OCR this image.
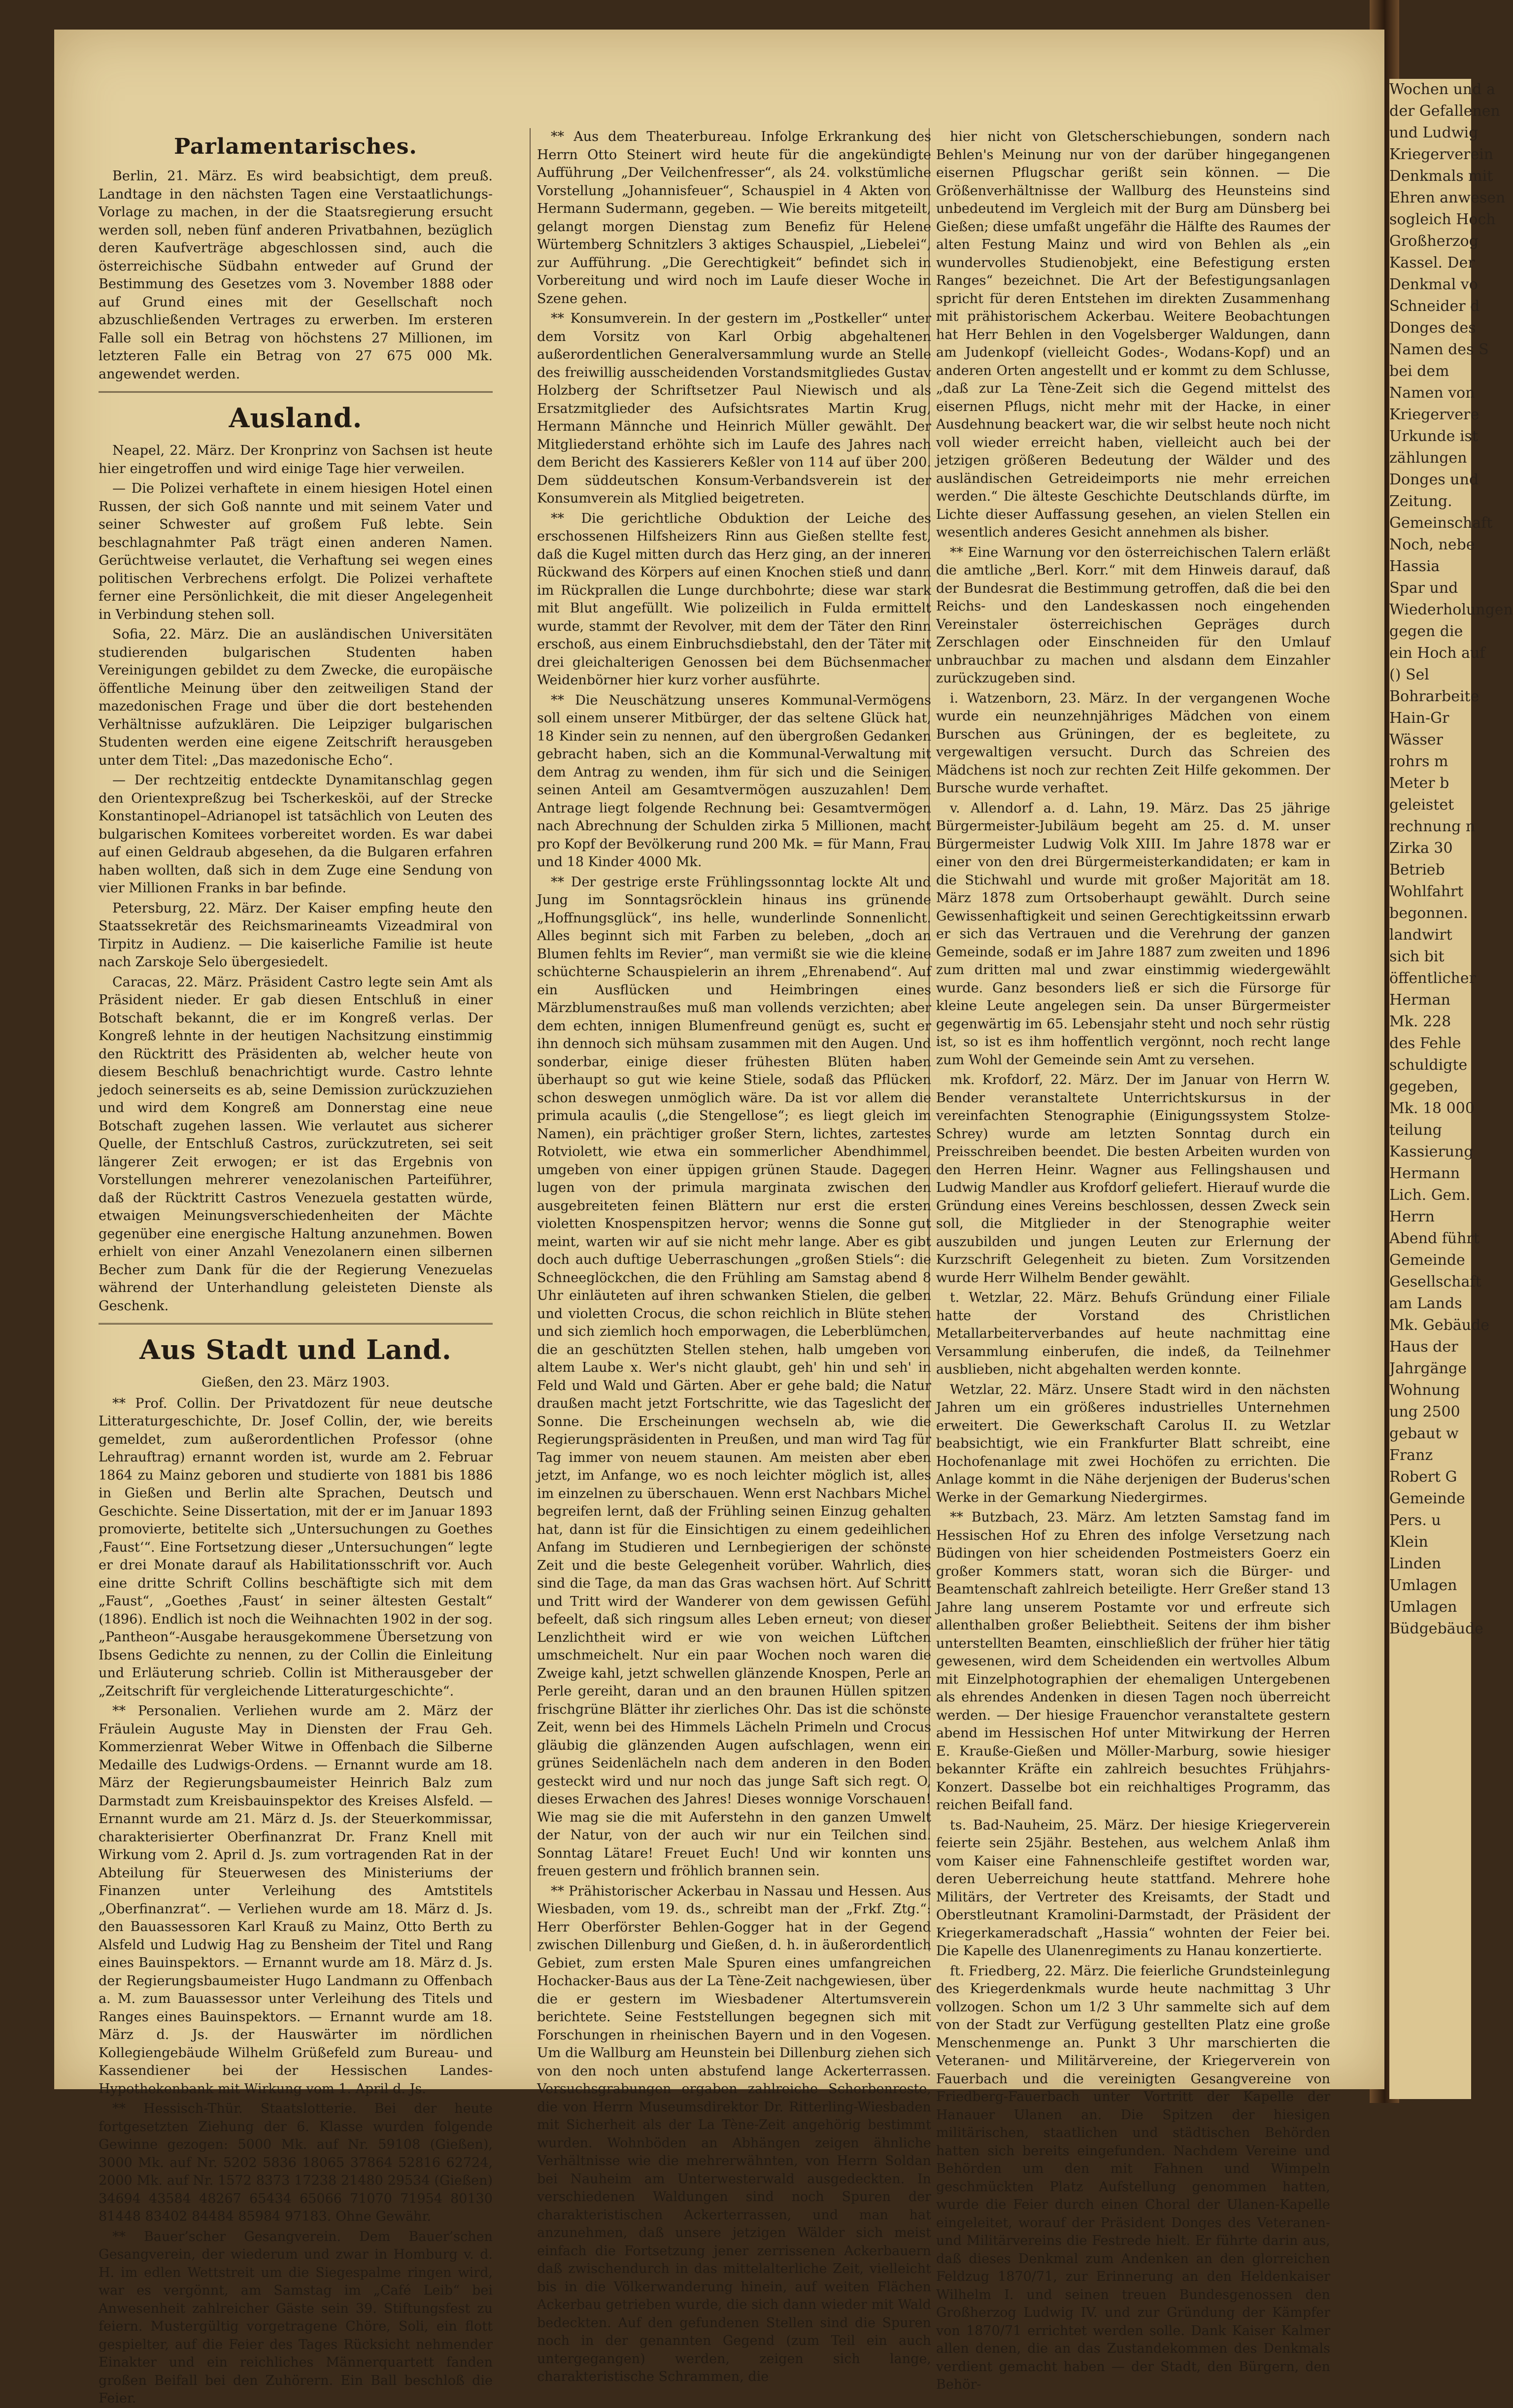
Parlamentarisches.

Berlin, 21. März. Es wird beabsichtigt, dem preuß. Landtage in den nächsten Tagen eine Verstaatlichungs-Vorlage zu machen, in der die Staatsregierung ersucht werden soll, neben fünf anderen Privatbahnen, bezüglich deren Kaufverträge abgeschlossen sind, auch die österreichische Südbahn entweder auf Grund der Bestimmung des Gesetzes vom 3. November 1888 oder auf Grund eines mit der Gesellschaft noch abzuschließenden Vertrages zu erwerben. Im ersteren Falle soll ein Betrag von höchstens 27 Millionen, im letzteren Falle ein Betrag von 27 675 000 Mk. angewendet werden.

Ausland.

Neapel, 22. März. Der Kronprinz von Sachsen ist heute hier eingetroffen und wird einige Tage hier verweilen.

— Die Polizei verhaftete in einem hiesigen Hotel einen Russen, der sich Goß nannte und mit seinem Vater und seiner Schwester auf großem Fuß lebte. Sein beschlagnahmter Paß trägt einen anderen Namen. Gerüchtweise verlautet, die Verhaftung sei wegen eines politischen Verbrechens erfolgt. Die Polizei verhaftete ferner eine Persönlichkeit, die mit dieser Angelegenheit in Verbindung stehen soll.

Sofia, 22. März. Die an ausländischen Universitäten studierenden bulgarischen Studenten haben Vereinigungen gebildet zu dem Zwecke, die europäische öffentliche Meinung über den zeitweiligen Stand der mazedonischen Frage und über die dort bestehenden Verhältnisse aufzuklären. Die Leipziger bulgarischen Studenten werden eine eigene Zeitschrift herausgeben unter dem Titel: „Das mazedonische Echo“.

— Der rechtzeitig entdeckte Dynamitanschlag gegen den Orientexpreßzug bei Tscherkesköi, auf der Strecke Konstantinopel–Adrianopel ist tatsächlich von Leuten des bulgarischen Komitees vorbereitet worden. Es war dabei auf einen Geldraub abgesehen, da die Bulgaren erfahren haben wollten, daß sich in dem Zuge eine Sendung von vier Millionen Franks in bar befinde.

Petersburg, 22. März. Der Kaiser empfing heute den Staatssekretär des Reichsmarineamts Vizeadmiral von Tirpitz in Audienz. — Die kaiserliche Familie ist heute nach Zarskoje Selo übergesiedelt.

Caracas, 22. März. Präsident Castro legte sein Amt als Präsident nieder. Er gab diesen Entschluß in einer Botschaft bekannt, die er im Kongreß verlas. Der Kongreß lehnte in der heutigen Nachsitzung einstimmig den Rücktritt des Präsidenten ab, welcher heute von diesem Beschluß benachrichtigt wurde. Castro lehnte jedoch seinerseits es ab, seine Demission zurückzuziehen und wird dem Kongreß am Donnerstag eine neue Botschaft zugehen lassen. Wie verlautet aus sicherer Quelle, der Entschluß Castros, zurückzutreten, sei seit längerer Zeit erwogen; er ist das Ergebnis von Vorstellungen mehrerer venezolanischen Parteiführer, daß der Rücktritt Castros Venezuela gestatten würde, etwaigen Meinungsverschiedenheiten der Mächte gegenüber eine energische Haltung anzunehmen. Bowen erhielt von einer Anzahl Venezolanern einen silbernen Becher zum Dank für die der Regierung Venezuelas während der Unterhandlung geleisteten Dienste als Geschenk.

Aus Stadt und Land.

Gießen, den 23. März 1903.

** Prof. Collin. Der Privatdozent für neue deutsche Litteraturgeschichte, Dr. Josef Collin, der, wie bereits gemeldet, zum außerordentlichen Professor (ohne Lehrauftrag) ernannt worden ist, wurde am 2. Februar 1864 zu Mainz geboren und studierte von 1881 bis 1886 in Gießen und Berlin alte Sprachen, Deutsch und Geschichte. Seine Dissertation, mit der er im Januar 1893 promovierte, betitelte sich „Untersuchungen zu Goethes ‚Faust‘“. Eine Fortsetzung dieser „Untersuchungen“ legte er drei Monate darauf als Habilitationsschrift vor. Auch eine dritte Schrift Collins beschäftigte sich mit dem „Faust“, „Goethes ‚Faust‘ in seiner ältesten Gestalt“ (1896). Endlich ist noch die Weihnachten 1902 in der sog. „Pantheon“-Ausgabe herausgekommene Übersetzung von Ibsens Gedichte zu nennen, zu der Collin die Einleitung und Erläuterung schrieb. Collin ist Mitherausgeber der „Zeitschrift für vergleichende Litteraturgeschichte“.

** Personalien. Verliehen wurde am 2. März der Fräulein Auguste May in Diensten der Frau Geh. Kommerzienrat Weber Witwe in Offenbach die Silberne Medaille des Ludwigs-Ordens. — Ernannt wurde am 18. März der Regierungsbaumeister Heinrich Balz zum Darmstadt zum Kreisbauinspektor des Kreises Alsfeld. — Ernannt wurde am 21. März d. Js. der Steuerkommissar, charakterisierter Oberfinanzrat Dr. Franz Knell mit Wirkung vom 2. April d. Js. zum vortragenden Rat in der Abteilung für Steuerwesen des Ministeriums der Finanzen unter Verleihung des Amtstitels „Oberfinanzrat“. — Verliehen wurde am 18. März d. Js. den Bauassessoren Karl Krauß zu Mainz, Otto Berth zu Alsfeld und Ludwig Hag zu Bensheim der Titel und Rang eines Bauinspektors. — Ernannt wurde am 18. März d. Js. der Regierungsbaumeister Hugo Landmann zu Offenbach a. M. zum Bauassessor unter Verleihung des Titels und Ranges eines Bauinspektors. — Ernannt wurde am 18. März d. Js. der Hauswärter im nördlichen Kollegiengebäude Wilhelm Grüßefeld zum Bureau- und Kassendiener bei der Hessischen Landes-Hypothekenbank mit Wirkung vom 1. April d. Js.

** Hessisch-Thür. Staatslotterie. Bei der heute fortgesetzten Ziehung der 6. Klasse wurden folgende Gewinne gezogen: 5000 Mk. auf Nr. 59108 (Gießen), 3000 Mk. auf Nr. 5202 5836 18065 37864 52816 62724, 2000 Mk. auf Nr. 1572 8373 17238 21480 29534 (Gießen) 34694 43584 48267 65434 65066 71070 71954 80130 81448 83402 84484 85984 97183. Ohne Gewähr.

** Bauer’scher Gesangverein. Dem Bauer’schen Gesangverein, der wiederum und zwar in Homburg v. d. H. im edlen Wettstreit um die Siegespalme ringen wird, war es vergönnt, am Samstag im „Café Leib“ bei Anwesenheit zahlreicher Gäste sein 39. Stiftungsfest zu feiern. Mustergültig vorgetragene Chöre, Soli, ein flott gespielter, auf die Feier des Tages Rücksicht nehmender Einakter und ein reichliches Männerquartett fanden großen Beifall bei den Zuhörern. Ein Ball beschloß die Feier.

** Aus dem Theaterbureau. Infolge Erkrankung des Herrn Otto Steinert wird heute für die angekündigte Aufführung „Der Veilchenfresser“, als 24. volkstümliche Vorstellung „Johannisfeuer“, Schauspiel in 4 Akten von Hermann Sudermann, gegeben. — Wie bereits mitgeteilt, gelangt morgen Dienstag zum Benefiz für Helene Würtemberg Schnitzlers 3 aktiges Schauspiel, „Liebelei“, zur Aufführung. „Die Gerechtigkeit“ befindet sich in Vorbereitung und wird noch im Laufe dieser Woche in Szene gehen.

** Konsumverein. In der gestern im „Postkeller“ unter dem Vorsitz von Karl Orbig abgehaltenen außerordentlichen Generalversammlung wurde an Stelle des freiwillig ausscheidenden Vorstandsmitgliedes Gustav Holzberg der Schriftsetzer Paul Niewisch und als Ersatzmitglieder des Aufsichtsrates Martin Krug, Hermann Männche und Heinrich Müller gewählt. Der Mitgliederstand erhöhte sich im Laufe des Jahres nach dem Bericht des Kassierers Keßler von 114 auf über 200. Dem süddeutschen Konsum-Verbandsverein ist der Konsumverein als Mitglied beigetreten.

** Die gerichtliche Obduktion der Leiche des erschossenen Hilfsheizers Rinn aus Gießen stellte fest, daß die Kugel mitten durch das Herz ging, an der inneren Rückwand des Körpers auf einen Knochen stieß und dann im Rückprallen die Lunge durchbohrte; diese war stark mit Blut angefüllt. Wie polizeilich in Fulda ermittelt wurde, stammt der Revolver, mit dem der Täter den Rinn erschoß, aus einem Einbruchsdiebstahl, den der Täter mit drei gleichalterigen Genossen bei dem Büchsenmacher Weidenbörner hier kurz vorher ausführte.

** Die Neuschätzung unseres Kommunal-Vermögens soll einem unserer Mitbürger, der das seltene Glück hat, 18 Kinder sein zu nennen, auf den übergroßen Gedanken gebracht haben, sich an die Kommunal-Verwaltung mit dem Antrag zu wenden, ihm für sich und die Seinigen seinen Anteil am Gesamtvermögen auszuzahlen! Dem Antrage liegt folgende Rechnung bei: Gesamtvermögen nach Abrechnung der Schulden zirka 5 Millionen, macht pro Kopf der Bevölkerung rund 200 Mk. = für Mann, Frau und 18 Kinder 4000 Mk.

** Der gestrige erste Frühlingssonntag lockte Alt und Jung im Sonntagsröcklein hinaus ins grünende „Hoffnungsglück“, ins helle, wunderlinde Sonnenlicht. Alles beginnt sich mit Farben zu beleben, „doch an Blumen fehlts im Revier“, man vermißt sie wie die kleine schüchterne Schauspielerin an ihrem „Ehrenabend“. Auf ein Ausflücken und Heimbringen eines Märzblumenstraußes muß man vollends verzichten; aber dem echten, innigen Blumenfreund genügt es, sucht er ihn dennoch sich mühsam zusammen mit den Augen. Und sonderbar, einige dieser frühesten Blüten haben überhaupt so gut wie keine Stiele, sodaß das Pflücken schon deswegen unmöglich wäre. Da ist vor allem die primula acaulis („die Stengellose“; es liegt gleich im Namen), ein prächtiger großer Stern, lichtes, zartestes Rotviolett, wie etwa ein sommerlicher Abendhimmel, umgeben von einer üppigen grünen Staude. Dagegen lugen von der primula marginata zwischen den ausgebreiteten feinen Blättern nur erst die ersten violetten Knospenspitzen hervor; wenns die Sonne gut meint, warten wir auf sie nicht mehr lange. Aber es gibt doch auch duftige Ueberraschungen „großen Stiels“: die Schneeglöckchen, die den Frühling am Samstag abend 8 Uhr einläuteten auf ihren schwanken Stielen, die gelben und violetten Crocus, die schon reichlich in Blüte stehen und sich ziemlich hoch emporwagen, die Leberblümchen, die an geschützten Stellen stehen, halb umgeben von altem Laube x. Wer's nicht glaubt, geh' hin und seh' in Feld und Wald und Gärten. Aber er gehe bald; die Natur draußen macht jetzt Fortschritte, wie das Tageslicht der Sonne. Die Erscheinungen wechseln ab, wie die Regierungspräsidenten in Preußen, und man wird Tag für Tag immer von neuem staunen. Am meisten aber eben jetzt, im Anfange, wo es noch leichter möglich ist, alles im einzelnen zu überschauen. Wenn erst Nachbars Michel begreifen lernt, daß der Frühling seinen Einzug gehalten hat, dann ist für die Einsichtigen zu einem gedeihlichen Anfang im Studieren und Lernbegierigen der schönste Zeit und die beste Gelegenheit vorüber. Wahrlich, dies sind die Tage, da man das Gras wachsen hört. Auf Schritt und Tritt wird der Wanderer von dem gewissen Gefühl befeelt, daß sich ringsum alles Leben erneut; von dieser Lenzlichtheit wird er wie von weichen Lüftchen umschmeichelt. Nur ein paar Wochen noch waren die Zweige kahl, jetzt schwellen glänzende Knospen, Perle an Perle gereiht, daran und an den braunen Hüllen spitzen frischgrüne Blätter ihr zierliches Ohr. Das ist die schönste Zeit, wenn bei des Himmels Lächeln Primeln und Crocus gläubig die glänzenden Augen aufschlagen, wenn ein grünes Seidenlächeln nach dem anderen in den Boden gesteckt wird und nur noch das junge Saft sich regt. O, dieses Erwachen des Jahres! Dieses wonnige Vorschauen! Wie mag sie die mit Auferstehn in den ganzen Umwelt der Natur, von der auch wir nur ein Teilchen sind. Sonntag Lätare! Freuet Euch! Und wir konnten uns freuen gestern und fröhlich brannen sein.

** Prähistorischer Ackerbau in Nassau und Hessen. Aus Wiesbaden, vom 19. ds., schreibt man der „Frkf. Ztg.“: Herr Oberförster Behlen-Gogger hat in der Gegend zwischen Dillenburg und Gießen, d. h. in äußerordentlich Gebiet, zum ersten Male Spuren eines umfangreichen Hochacker-Baus aus der La Tène-Zeit nachgewiesen, über die er gestern im Wiesbadener Altertumsverein berichtete. Seine Feststellungen begegnen sich mit Forschungen in rheinischen Bayern und in den Vogesen. Um die Wallburg am Heunstein bei Dillenburg ziehen sich von den noch unten abstufend lange Ackerterrassen. Versuchsgrabungen ergaben zahlreiche Scherbenreste, die von Herrn Museumsdirektor Dr. Ritterling-Wiesbaden mit Sicherheit als der La Tène-Zeit angehörig bestimmt wurden. Wohnböden an Abhängen zeigen ähnliche Verhältnisse wie die mehrerwähnten, von Herrn Soldan bei Nauheim am Unterwesterwald ausgedeckten. In verschiedenen Waldungen sind noch Spuren der charakteristischen Ackerterrassen, und man hat anzunehmen, daß unsere jetzigen Wälder sich meist einfach die Fortsetzung jener zerrissenen Ackerbauern daß zwischendurch in das mittelalterliche Zeit, vielleicht bis in die Völkerwanderung hinein, auf weiten Flächen Ackerbau getrieben wurde, die sich dann wieder mit Wald bedeckten. Auf den gefundenen Stellen sind die Spuren noch in der genannten Gegend (zum Teil ein auch untergegangen) werden, zeigen sich lange, charakteristische Schrammen, die

hier nicht von Gletscherschiebungen, sondern nach Behlen's Meinung nur von der darüber hingegangenen eisernen Pflugschar gerißt sein können. — Die Größenverhältnisse der Wallburg des Heunsteins sind unbedeutend im Vergleich mit der Burg am Dünsberg bei Gießen; diese umfaßt ungefähr die Hälfte des Raumes der alten Festung Mainz und wird von Behlen als „ein wundervolles Studienobjekt, eine Befestigung ersten Ranges“ bezeichnet. Die Art der Befestigungsanlagen spricht für deren Entstehen im direkten Zusammenhang mit prähistorischem Ackerbau. Weitere Beobachtungen hat Herr Behlen in den Vogelsberger Waldungen, dann am Judenkopf (vielleicht Godes-, Wodans-Kopf) und an anderen Orten angestellt und er kommt zu dem Schlusse, „daß zur La Tène-Zeit sich die Gegend mittelst des eisernen Pflugs, nicht mehr mit der Hacke, in einer Ausdehnung beackert war, die wir selbst heute noch nicht voll wieder erreicht haben, vielleicht auch bei der jetzigen größeren Bedeutung der Wälder und des ausländischen Getreideimports nie mehr erreichen werden.“ Die älteste Geschichte Deutschlands dürfte, im Lichte dieser Auffassung gesehen, an vielen Stellen ein wesentlich anderes Gesicht annehmen als bisher.

** Eine Warnung vor den österreichischen Talern erläßt die amtliche „Berl. Korr.“ mit dem Hinweis darauf, daß der Bundesrat die Bestimmung getroffen, daß die bei den Reichs- und den Landeskassen noch eingehenden Vereinstaler österreichischen Gepräges durch Zerschlagen oder Einschneiden für den Umlauf unbrauchbar zu machen und alsdann dem Einzahler zurückzugeben sind.

i. Watzenborn, 23. März. In der vergangenen Woche wurde ein neunzehnjähriges Mädchen von einem Burschen aus Grüningen, der es begleitete, zu vergewaltigen versucht. Durch das Schreien des Mädchens ist noch zur rechten Zeit Hilfe gekommen. Der Bursche wurde verhaftet.

v. Allendorf a. d. Lahn, 19. März. Das 25 jährige Bürgermeister-Jubiläum begeht am 25. d. M. unser Bürgermeister Ludwig Volk XIII. Im Jahre 1878 war er einer von den drei Bürgermeisterkandidaten; er kam in die Stichwahl und wurde mit großer Majorität am 18. März 1878 zum Ortsoberhaupt gewählt. Durch seine Gewissenhaftigkeit und seinen Gerechtigkeitssinn erwarb er sich das Vertrauen und die Verehrung der ganzen Gemeinde, sodaß er im Jahre 1887 zum zweiten und 1896 zum dritten mal und zwar einstimmig wiedergewählt wurde. Ganz besonders ließ er sich die Fürsorge für kleine Leute angelegen sein. Da unser Bürgermeister gegenwärtig im 65. Lebensjahr steht und noch sehr rüstig ist, so ist es ihm hoffentlich vergönnt, noch recht lange zum Wohl der Gemeinde sein Amt zu versehen.

mk. Krofdorf, 22. März. Der im Januar von Herrn W. Bender veranstaltete Unterrichtskursus in der vereinfachten Stenographie (Einigungssystem Stolze-Schrey) wurde am letzten Sonntag durch ein Preisschreiben beendet. Die besten Arbeiten wurden von den Herren Heinr. Wagner aus Fellingshausen und Ludwig Mandler aus Krofdorf geliefert. Hierauf wurde die Gründung eines Vereins beschlossen, dessen Zweck sein soll, die Mitglieder in der Stenographie weiter auszubilden und jungen Leuten zur Erlernung der Kurzschrift Gelegenheit zu bieten. Zum Vorsitzenden wurde Herr Wilhelm Bender gewählt.

t. Wetzlar, 22. März. Behufs Gründung einer Filiale hatte der Vorstand des Christlichen Metallarbeiterverbandes auf heute nachmittag eine Versammlung einberufen, die indeß, da Teilnehmer ausblieben, nicht abgehalten werden konnte.

Wetzlar, 22. März. Unsere Stadt wird in den nächsten Jahren um ein größeres industrielles Unternehmen erweitert. Die Gewerkschaft Carolus II. zu Wetzlar beabsichtigt, wie ein Frankfurter Blatt schreibt, eine Hochofenanlage mit zwei Hochöfen zu errichten. Die Anlage kommt in die Nähe derjenigen der Buderus'schen Werke in der Gemarkung Niedergirmes.

** Butzbach, 23. März. Am letzten Samstag fand im Hessischen Hof zu Ehren des infolge Versetzung nach Büdingen von hier scheidenden Postmeisters Goerz ein großer Kommers statt, woran sich die Bürger- und Beamtenschaft zahlreich beteiligte. Herr Greßer stand 13 Jahre lang unserem Postamte vor und erfreute sich allenthalben großer Beliebtheit. Seitens der ihm bisher unterstellten Beamten, einschließlich der früher hier tätig gewesenen, wird dem Scheidenden ein wertvolles Album mit Einzelphotographien der ehemaligen Untergebenen als ehrendes Andenken in diesen Tagen noch überreicht werden. — Der hiesige Frauenchor veranstaltete gestern abend im Hessischen Hof unter Mitwirkung der Herren E. Krauße-Gießen und Möller-Marburg, sowie hiesiger bekannter Kräfte ein zahlreich besuchtes Frühjahrs-Konzert. Dasselbe bot ein reichhaltiges Programm, das reichen Beifall fand.

ts. Bad-Nauheim, 25. März. Der hiesige Kriegerverein feierte sein 25jähr. Bestehen, aus welchem Anlaß ihm vom Kaiser eine Fahnenschleife gestiftet worden war, deren Ueberreichung heute stattfand. Mehrere hohe Militärs, der Vertreter des Kreisamts, der Stadt und Oberstleutnant Kramolini-Darmstadt, der Präsident der Kriegerkameradschaft „Hassia“ wohnten der Feier bei. Die Kapelle des Ulanenregiments zu Hanau konzertierte.

ft. Friedberg, 22. März. Die feierliche Grundsteinlegung des Kriegerdenkmals wurde heute nachmittag 3 Uhr vollzogen. Schon um 1/2 3 Uhr sammelte sich auf dem von der Stadt zur Verfügung gestellten Platz eine große Menschenmenge an. Punkt 3 Uhr marschierten die Veteranen- und Militärvereine, der Kriegerverein von Fauerbach und die vereinigten Gesangvereine von Friedberg-Fauerbach unter Vortritt der Kapelle der Hanauer Ulanen an. Die Spitzen der hiesigen militärischen, staatlichen und städtischen Behörden hatten sich bereits eingefunden. Nachdem Vereine und Behörden um den mit Fahnen und Wimpeln geschmückten Platz Aufstellung genommen hatten, wurde die Feier durch einen Choral der Ulanen-Kapelle eingeleitet, worauf der Präsident Donges des Veteranen- und Militärvereins die Festrede hielt. Er führte darin aus, daß dieses Denkmal zum Andenken an den glorreichen Feldzug 1870/71, zur Erinnerung an den Heldenkaiser Wilhelm I. und seinen treuen Bundesgenossen den Großherzog Ludwig IV. und zur Gründung der Kämpfer von 1870/71 errichtet werden solle. Dank Kaiser Kalmer allen denen, die an das Zustandekommen des Denkmals verdient gemacht haben — der Stadt, den Bürgern, den Behör-

Wochen und a

der Gefallenen

und Ludwig

Kriegerverein

Denkmals mit

Ehren anwesen

sogleich Hoch

Großherzog

Kassel. Der

Denkmal vo

Schneider d

Donges des

Namen des S

bei dem

Namen von

Kriegervere

Urkunde ist

zählungen

Donges und

Zeitung.

Gemeinschaft

Noch, nebe

Hassia

Spar und

Wiederholungen

gegen die

ein Hoch auf

() Sel

Bohrarbeite

Hain-Gr

Wässer

rohrs m

Meter b

geleistet

rechnung n

Zirka 30

Betrieb

Wohlfahrt

begonnen.

landwirt

sich bit

öffentlicher

Herman

Mk. 228

des Fehle

schuldigte

gegeben,

Mk. 18 000

teilung

Kassierung

Hermann

Lich. Gem.

Herrn

Abend führt

Gemeinde

Gesellschaft

am Lands

Mk. Gebäude

Haus der

Jahrgänge

Wohnung

ung 2500

gebaut w

Franz

Robert G

Gemeinde

Pers. u

Klein

Linden

Umlagen

Umlagen

Büdgebäude
